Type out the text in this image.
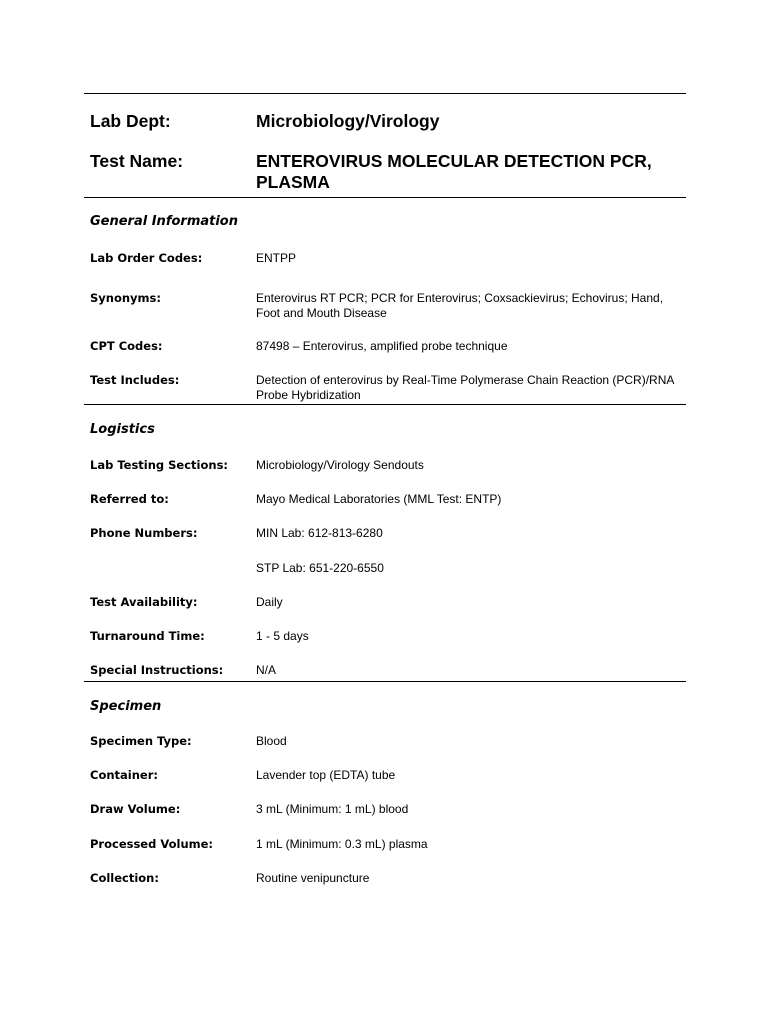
Lab Dept:	Microbiology/Virology
Test Name:	ENTEROVIRUS MOLECULAR DETECTION PCR, PLASMA
General Information
Lab Order Codes:	ENTPP
Synonyms:	Enterovirus RT PCR; PCR for Enterovirus; Coxsackievirus; Echovirus; Hand, Foot and Mouth Disease
CPT Codes:	87498 – Enterovirus, amplified probe technique
Test Includes:	Detection of enterovirus by Real-Time Polymerase Chain Reaction (PCR)/RNA Probe Hybridization
Logistics
Lab Testing Sections: Microbiology/Virology Sendouts
Referred to:	Mayo Medical Laboratories (MML Test: ENTP)
Phone Numbers:	MIN Lab: 612-813-6280
STP Lab: 651-220-6550
Test Availability:	Daily
Turnaround Time:	1 - 5 days
Special Instructions:	N/A
Specimen
Specimen Type:	Blood
Container:	Lavender top (EDTA) tube
Draw Volume:	3 mL (Minimum: 1 mL) blood
Processed Volume:	1 mL (Minimum: 0.3 mL) plasma
Collection:	Routine venipuncture
